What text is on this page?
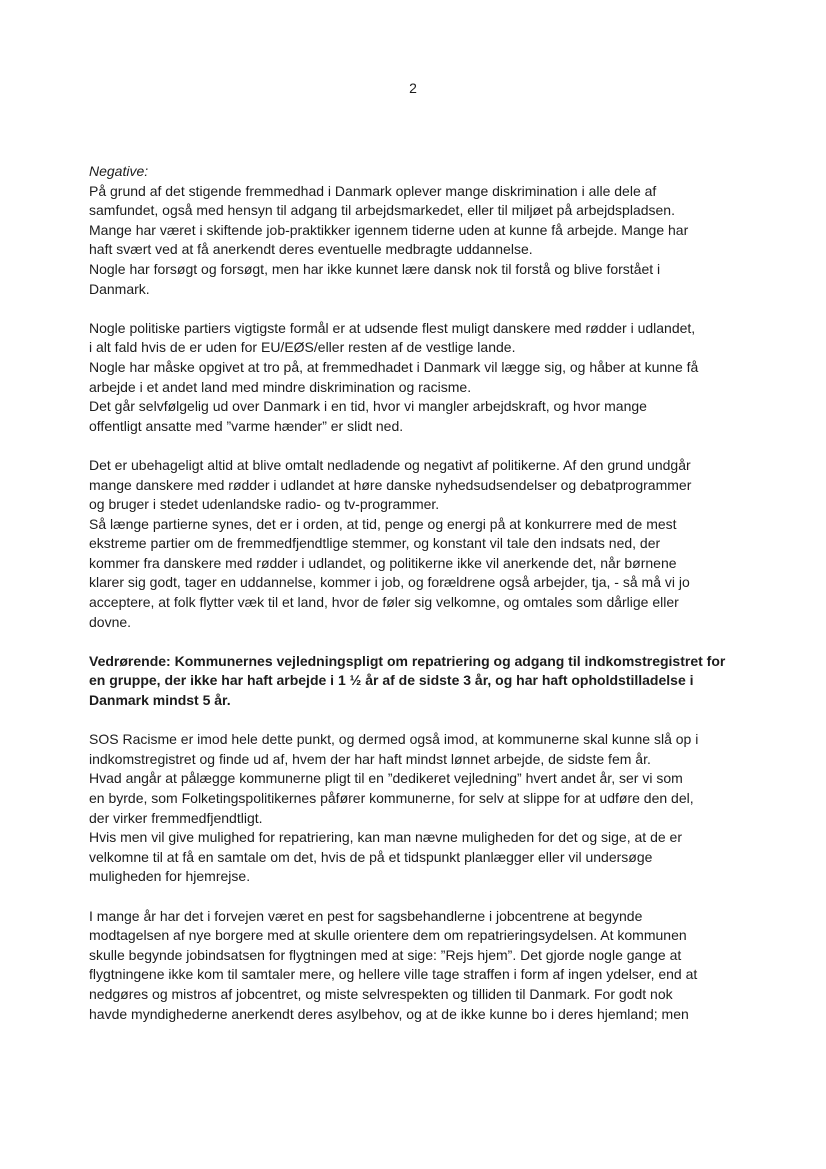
2

Negative:

På grund af det stigende fremmedhad i Danmark oplever mange diskrimination i alle dele af
samfundet, også med hensyn til adgang til arbejdsmarkedet, eller til miljøet på arbejdspladsen.
Mange har været i skiftende job-praktikker igennem tiderne uden at kunne få arbejde. Mange har
haft svært ved at få anerkendt deres eventuelle medbragte uddannelse.
Nogle har forsøgt og forsøgt, men har ikke kunnet lære dansk nok til forstå og blive forstået i
Danmark.

Nogle politiske partiers vigtigste formål er at udsende flest muligt danskere med rødder i udlandet,
i alt fald hvis de er uden for EU/EØS/eller resten af de vestlige lande.
Nogle har måske opgivet at tro på, at fremmedhadet i Danmark vil lægge sig, og håber at kunne få
arbejde i et andet land med mindre diskrimination og racisme.
Det går selvfølgelig ud over Danmark i en tid, hvor vi mangler arbejdskraft, og hvor mange
offentligt ansatte med ”varme hænder” er slidt ned.

Det er ubehageligt altid at blive omtalt nedladende og negativt af politikerne. Af den grund undgår
mange danskere med rødder i udlandet at høre danske nyhedsudsendelser og debatprogrammer
og bruger i stedet udenlandske radio- og tv-programmer.
Så længe partierne synes, det er i orden, at tid, penge og energi på at konkurrere med de mest
ekstreme partier om de fremmedfjendtlige stemmer, og konstant vil tale den indsats ned, der
kommer fra danskere med rødder i udlandet, og politikerne ikke vil anerkende det, når børnene
klarer sig godt, tager en uddannelse, kommer i job, og forældrene også arbejder, tja, - så må vi jo
acceptere, at folk flytter væk til et land, hvor de føler sig velkomne, og omtales som dårlige eller
dovne.

Vedrørende: Kommunernes vejledningspligt om repatriering og adgang til indkomstregistret for
en gruppe, der ikke har haft arbejde i 1 ½ år af de sidste 3 år, og har haft opholdstilladelse i
Danmark mindst 5 år.

SOS Racisme er imod hele dette punkt, og dermed også imod, at kommunerne skal kunne slå op i
indkomstregistret og finde ud af, hvem der har haft mindst lønnet arbejde, de sidste fem år.
Hvad angår at pålægge kommunerne pligt til en ”dedikeret vejledning” hvert andet år, ser vi som
en byrde, som Folketingspolitikernes påfører kommunerne, for selv at slippe for at udføre den del,
der virker fremmedfjendtligt.
Hvis men vil give mulighed for repatriering, kan man nævne muligheden for det og sige, at de er
velkomne til at få en samtale om det, hvis de på et tidspunkt planlægger eller vil undersøge
muligheden for hjemrejse.

I mange år har det i forvejen været en pest for sagsbehandlerne i jobcentrene at begynde
modtagelsen af nye borgere med at skulle orientere dem om repatrieringsydelsen. At kommunen
skulle begynde jobindsatsen for flygtningen med at sige: ”Rejs hjem”. Det gjorde nogle gange at
flygtningene ikke kom til samtaler mere, og hellere ville tage straffen i form af ingen ydelser, end at
nedgøres og mistros af jobcentret, og miste selvrespekten og tilliden til Danmark. For godt nok
havde myndighederne anerkendt deres asylbehov, og at de ikke kunne bo i deres hjemland; men
